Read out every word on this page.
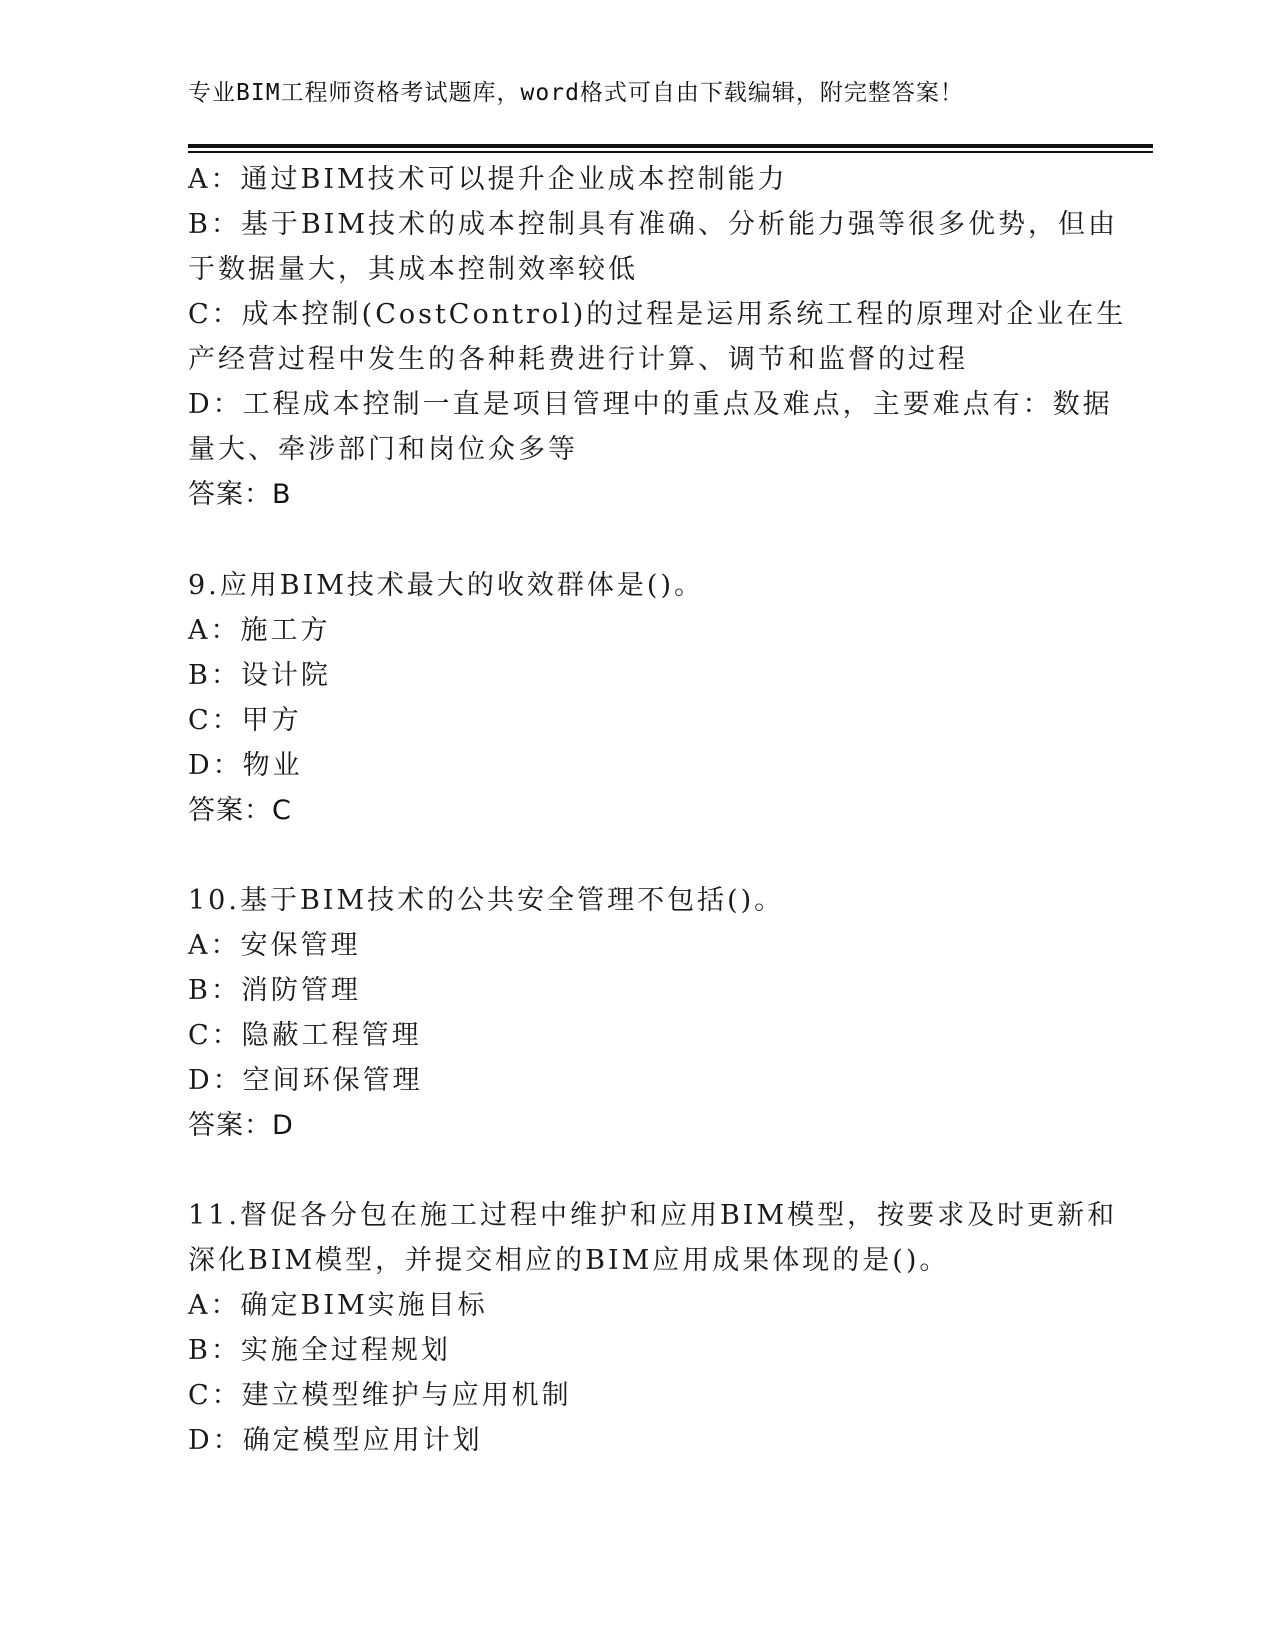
专业BIM工程师资格考试题库，word格式可自由下载编辑，附完整答案！
A：通过BIM技术可以提升企业成本控制能力
B：基于BIM技术的成本控制具有准确、分析能力强等很多优势，但由
于数据量大，其成本控制效率较低
C：成本控制(CostControl)的过程是运用系统工程的原理对企业在生
产经营过程中发生的各种耗费进行计算、调节和监督的过程
D：工程成本控制一直是项目管理中的重点及难点，主要难点有：数据
量大、牵涉部门和岗位众多等
答案：B
9.应用BIM技术最大的收效群体是()。
A：施工方
B：设计院
C：甲方
D：物业
答案：C
10.基于BIM技术的公共安全管理不包括()。
A：安保管理
B：消防管理
C：隐蔽工程管理
D：空间环保管理
答案：D
11.督促各分包在施工过程中维护和应用BIM模型，按要求及时更新和
深化BIM模型，并提交相应的BIM应用成果体现的是()。
A：确定BIM实施目标
B：实施全过程规划
C：建立模型维护与应用机制
D：确定模型应用计划
